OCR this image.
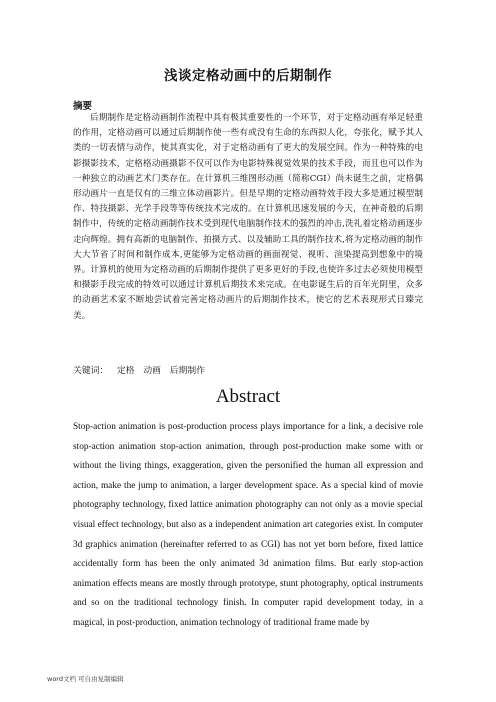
浅谈定格动画中的后期制作
摘要
后期制作是定格动画制作流程中具有极其重要性的一个环节，对于定格动画有举足轻重的作用，定格动画可以通过后期制作使一些有或没有生命的东西拟人化，夸张化，赋予其人类的一切表情与动作，使其真实化，对于定格动画有了更大的发展空间。作为一种特殊的电影摄影技术，定格格动画摄影不仅可以作为电影特殊视觉效果的技术手段，而且也可以作为一种独立的动画艺术门类存在。在计算机三维图形动画（简称CGI）尚未诞生之前，定格偶形动画片一直是仅有的三维立体动画影片。但是早期的定格动画特效手段大多是通过模型制作、特技摄影、光学手段等等传统技术完成的。在计算机迅速发展的今天，在神奇般的后期制作中，传统的定格动画制作技术受到现代电脑制作技术的强烈的冲击,洗礼着定格动画逐步走向辉煌。拥有高新的电脑制作、拍摄方式、以及辅助工具的制作技术,将为定格动画的制作大大节省了时间和制作成本,更能够为定格动画的画面视觉、视听、渲染提高到想象中的境界。计算机的使用为定格动画的后期制作提供了更多更好的手段,也使许多过去必须使用模型和摄影手段完成的特效可以通过计算机后期技术来完成。在电影诞生后的百年光阴里，众多的动画艺术家不断地尝试着完善定格动画片的后期制作技术，使它的艺术表现形式日臻完美。
关键词： 定格 动画 后期制作
Abstract
Stop-action animation is post-production process plays importance for a link, a decisive role stop-action animation stop-action animation, through post-production make some with or without the living things, exaggeration, given the personified the human all expression and action, make the jump to animation, a larger development space. As a special kind of movie photography technology, fixed lattice animation photography can not only as a movie special visual effect technology, but also as a independent animation art categories exist. In computer 3d graphics animation (hereinafter referred to as CGI) has not yet born before, fixed lattice accidentally form has been the only animated 3d animation films. But early stop-action animation effects means are mostly through prototype, stunt photography, optical instruments and so on the traditional technology finish. In computer rapid development today, in a magical, in post-production, animation technology of traditional frame made by
word文档 可自由复制编辑
